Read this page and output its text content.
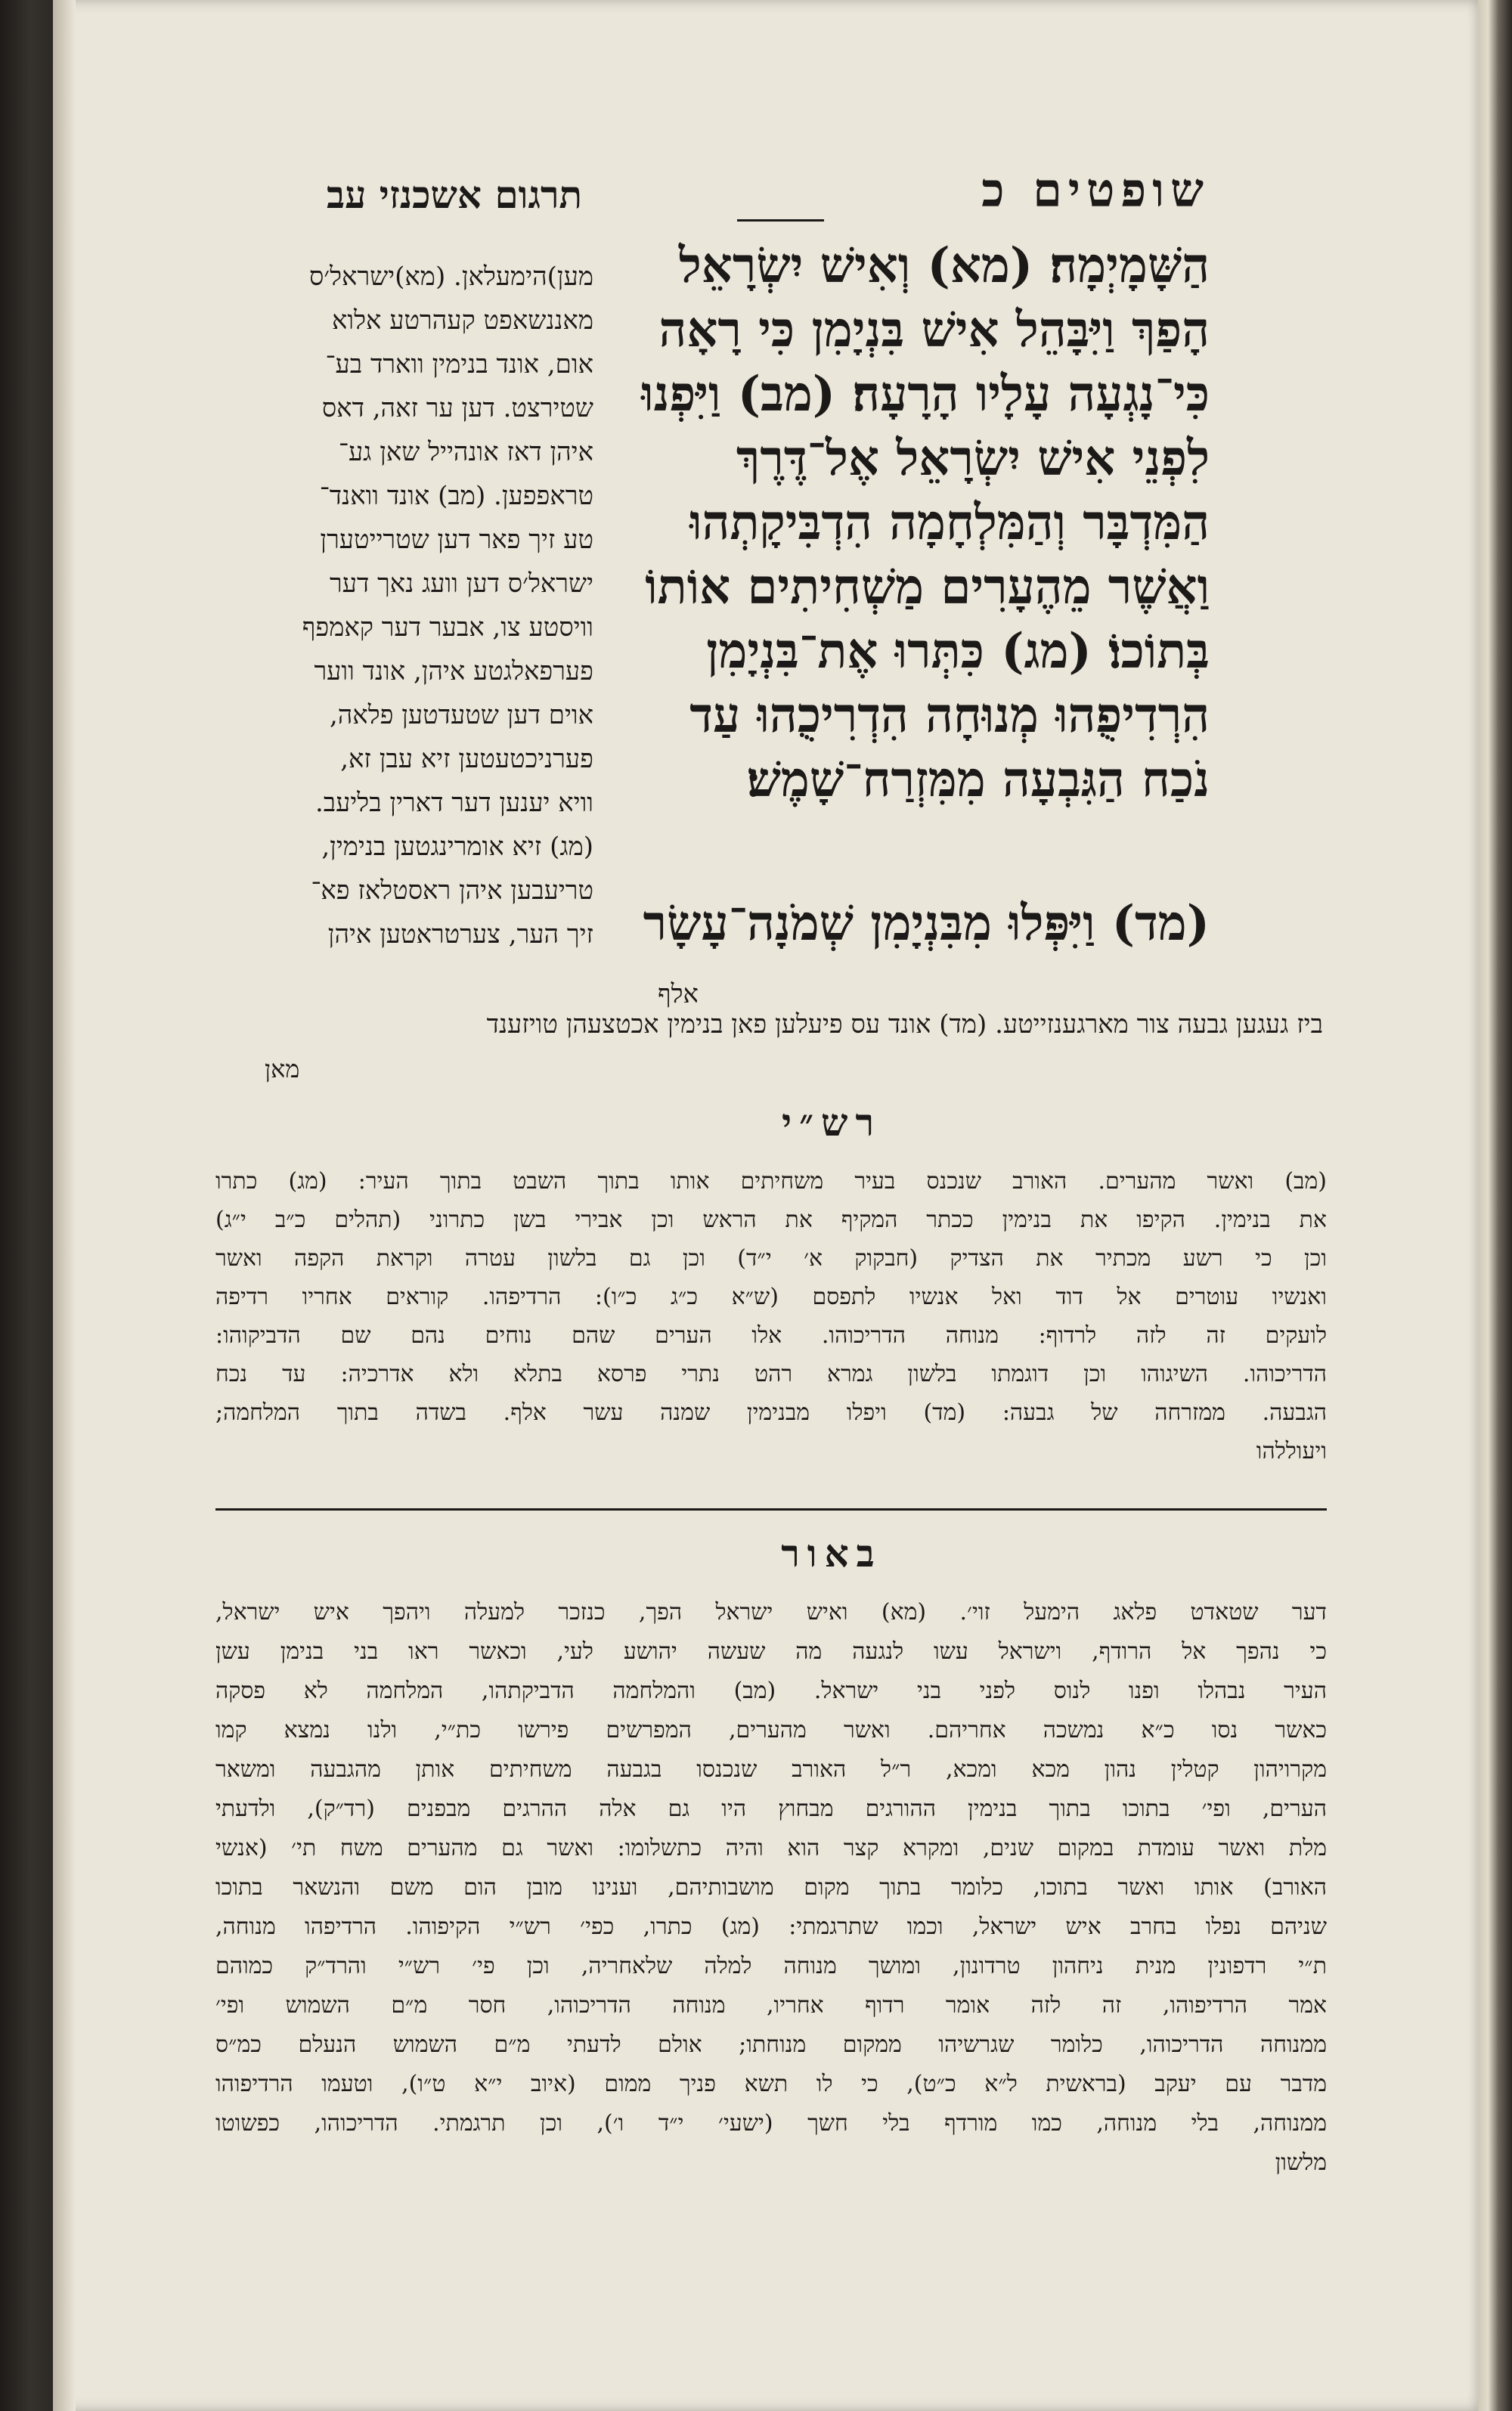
שופטים כ
תרגום אשכנזי עב
הַשָּׁמָיְמָה׃ (מא) וְאִישׁ יִשְׂרָאֵל
הָפַךְ וַיִּבָּהֵל אִישׁ בִּנְיָמִן כִּי רָאָה
כִּי־נָגְעָה עָלָיו הָרָעָה׃ (מב) וַיִּפְנוּ
לִפְנֵי אִישׁ יִשְׂרָאֵל אֶל־דֶּרֶךְ
הַמִּדְבָּר וְהַמִּלְחָמָה הִדְבִּיקָתְהוּ
וַאֲשֶׁר מֵהֶעָרִים מַשְׁחִיתִים אוֹתוֹ
בְּתוֹכוֹ׃ (מג) כִּתְּרוּ אֶת־בִּנְיָמִן
הִרְדִיפֻהוּ מְנוּחָה הִדְרִיכֻהוּ עַד
נֹכַח הַגִּבְעָה מִמִּזְרַח־שָׁמֶשׁ׃
(מד) וַיִּפְּלוּ מִבִּנְיָמִן שְׁמֹנָה־עָשָׂר
אלף
מען)הימעלאן. (מא)ישראל׳ס
מאננשאפט קעהרטע אלוא
אום, אונד בנימין ווארד בע־
שטירצט. דען ער זאה, דאס
איהן דאז אונהייל שאן גע־
טראפפען. (מב) אונד וואנד־
טע זיך פאר דען שטרייטערן
ישראל׳ס דען וועג נאך דער
וויסטע צו, אבער דער קאמפף
פערפאלגטע איהן, אונד ווער
אוים דען שטעדטען פלאה,
פערניכטעטען זיא עבן זא,
וויא יענען דער דארין בליעב.
(מג) זיא אומרינגטען בנימין,
טריעבען איהן ראסטלאז פא־
זיך הער, צערטראטען איהן
ביז געגען גבעה צור מארגענזייטע. (מד) אונד עס פיעלען פאן בנימין אכטצעהן טויזענד
מאן
רש״י
(מב) ואשר מהערים. האורב שנכנס בעיר משחיתים אותו בתוך השבט בתוך העיר: (מג) כתרו
את בנימין. הקיפו את בנימין ככתר המקיף את הראש וכן אבירי בשן כתרוני (תהלים כ״ב י״ג)
וכן כי רשע מכתיר את הצדיק (חבקוק א׳ י״ד) וכן גם בלשון עטרה וקראת הקפה ואשר
ואנשיו עוטרים אל דוד ואל אנשיו לתפסם (ש״א כ״ג כ״ו): הרדיפהו. קוראים אחריו רדיפה
לועקים זה לזה לרדוף: מנוחה הדריכוהו. אלו הערים שהם נוחים נהם שם הדביקוהו:
הדריכוהו. השיגוהו וכן דוגמתו בלשון גמרא רהט נתרי פרסא בתלא ולא אדרכיה: עד נכח
הגבעה. ממזרחה של גבעה: (מד) ויפלו מבנימין שמנה עשר אלף. בשדה בתוך המלחמה;
ויעוללהו
באור
דער שטאדט פלאג הימעל זוי׳. (מא) ואיש ישראל הפך, כנזכר למעלה ויהפך איש ישראל,
כי נהפך אל הרודף, וישראל עשו לנגעה מה שעשה יהושע לעי, וכאשר ראו בני בנימן עשן
העיר נבהלו ופנו לנוס לפני בני ישראל. (מב) והמלחמה הדביקתהו, המלחמה לא פסקה
כאשר נסו כ״א נמשכה אחריהם. ואשר מהערים, המפרשים פירשו כת״י, ולנו נמצא קמו
מקרויהון קטלין נהון מכא ומכא, ר״ל האורב שנכנסו בגבעה משחיתים אותן מהגבעה ומשאר
הערים, ופי׳ בתוכו בתוך בנימין ההורגים מבחוץ היו גם אלה ההרגים מבפנים (רד״ק), ולדעתי
מלת ואשר עומדת במקום שנים, ומקרא קצר הוא והיה כתשלומו: ואשר גם מהערים משח תי׳ (אנשי
האורב) אותו ואשר בתוכו, כלומר בתוך מקום מושבותיהם, וענינו מובן הום משם והנשאר בתוכו
שניהם נפלו בחרב איש ישראל, וכמו שתרגמתי: (מג) כתרו, כפי׳ רש״י הקיפוהו. הרדיפהו מנוחה,
ת״י רדפונין מנית ניחהון טרדונון, ומושך מנוחה למלה שלאחריה, וכן פי׳ רש״י והרד״ק כמוהם
אמר הרדיפוהו, זה לזה אומר רדוף אחריו, מנוחה הדריכוהו, חסר מ״ם השמוש ופי׳
ממנוחה הדריכוהו, כלומר שגרשיהו ממקום מנוחתו; אולם לדעתי מ״ם השמוש הנעלם כמ״ס
מדבר עם יעקב (בראשית ל״א כ״ט), כי לו תשא פניך ממום (איוב י״א ט״ו), וטעמו הרדיפוהו
ממנוחה, בלי מנוחה, כמו מורדף בלי חשך (ישעי׳ י״ד ו׳), וכן תרגמתי. הדריכוהו, כפשוטו
מלשון
